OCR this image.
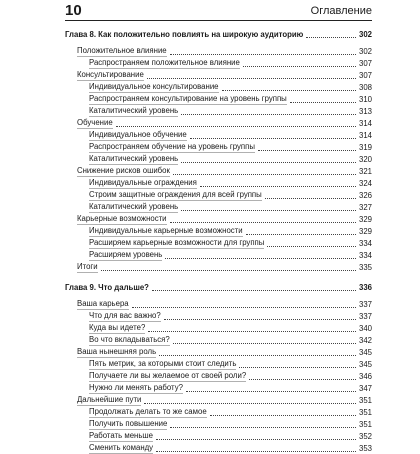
10	Оглавление
Глава 8. Как положительно повлиять на широкую аудиторию	302
Положительное влияние	302
Распространяем положительное влияние	307
Консультирование	307
Индивидуальное консультирование	308
Распространяем консультирование на уровень группы	310
Каталитический уровень	313
Обучение	314
Индивидуальное обучение	314
Распространяем обучение на уровень группы	319
Каталитический уровень	320
Снижение рисков ошибок	321
Индивидуальные ограждения	324
Строим защитные ограждения для всей группы	326
Каталитический уровень	327
Карьерные возможности	329
Индивидуальные карьерные возможности	329
Расширяем карьерные возможности для группы	334
Расширяем уровень	334
Итоги	335
Глава 9. Что дальше?	336
Ваша карьера	337
Что для вас важно?	337
Куда вы идете?	340
Во что вкладываться?	342
Ваша нынешняя роль	345
Пять метрик, за которыми стоит следить	345
Получаете ли вы желаемое от своей роли?	346
Нужно ли менять работу?	347
Дальнейшие пути	351
Продолжать делать то же самое	351
Получить повышение	351
Работать меньше	352
Сменить команду	353
